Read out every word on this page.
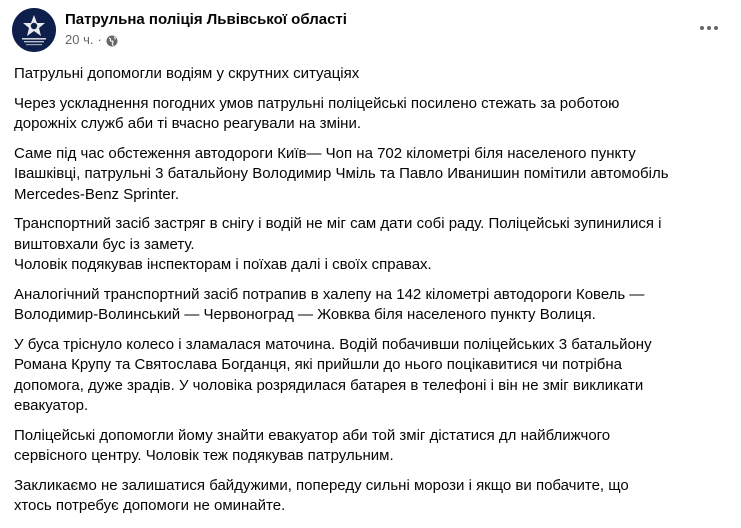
Патрульна поліція Львівської області
20 ч. ·

Патрульні допомогли водіям у скрутних ситуаціях

Через ускладнення погодних умов патрульні поліцейські посилено стежать за роботою
дорожніх служб аби ті вчасно реагували на зміни.

Саме під час обстеження автодороги Київ— Чоп на 702 кілометрі біля населеного пункту
Івашківці, патрульні 3 батальйону Володимир Чміль та Павло Иванишин помітили автомобіль
Mercedes-Benz Sprinter.

Транспортний засіб застряг в снігу і водій не міг сам дати собі раду. Поліцейські зупинилися і
виштовхали бус із замету.
Чоловік подякував інспекторам і поїхав далі і своїх справах.

Аналогічний транспортний засіб потрапив в халепу на 142 кілометрі автодороги Ковель —
Володимир-Волинський — Червоноград — Жовква біля населеного пункту Волиця.

У буса тріснуло колесо і зламалася маточина. Водій побачивши поліцейських 3 батальйону
Романа Крупу та Святослава Богданця, які прийшли до нього поцікавитися чи потрібна
допомога, дуже зрадів. У чоловіка розрядилася батарея в телефоні і він не зміг викликати
евакуатор.

Поліцейські допомогли йому знайти евакуатор аби той зміг дістатися дл найближчого
сервісного центру. Чоловік теж подякував патрульним.

Закликаємо не залишатися байдужими, попереду сильні морози і якщо ви побачите, що
хтось потребує допомоги не оминайте.
